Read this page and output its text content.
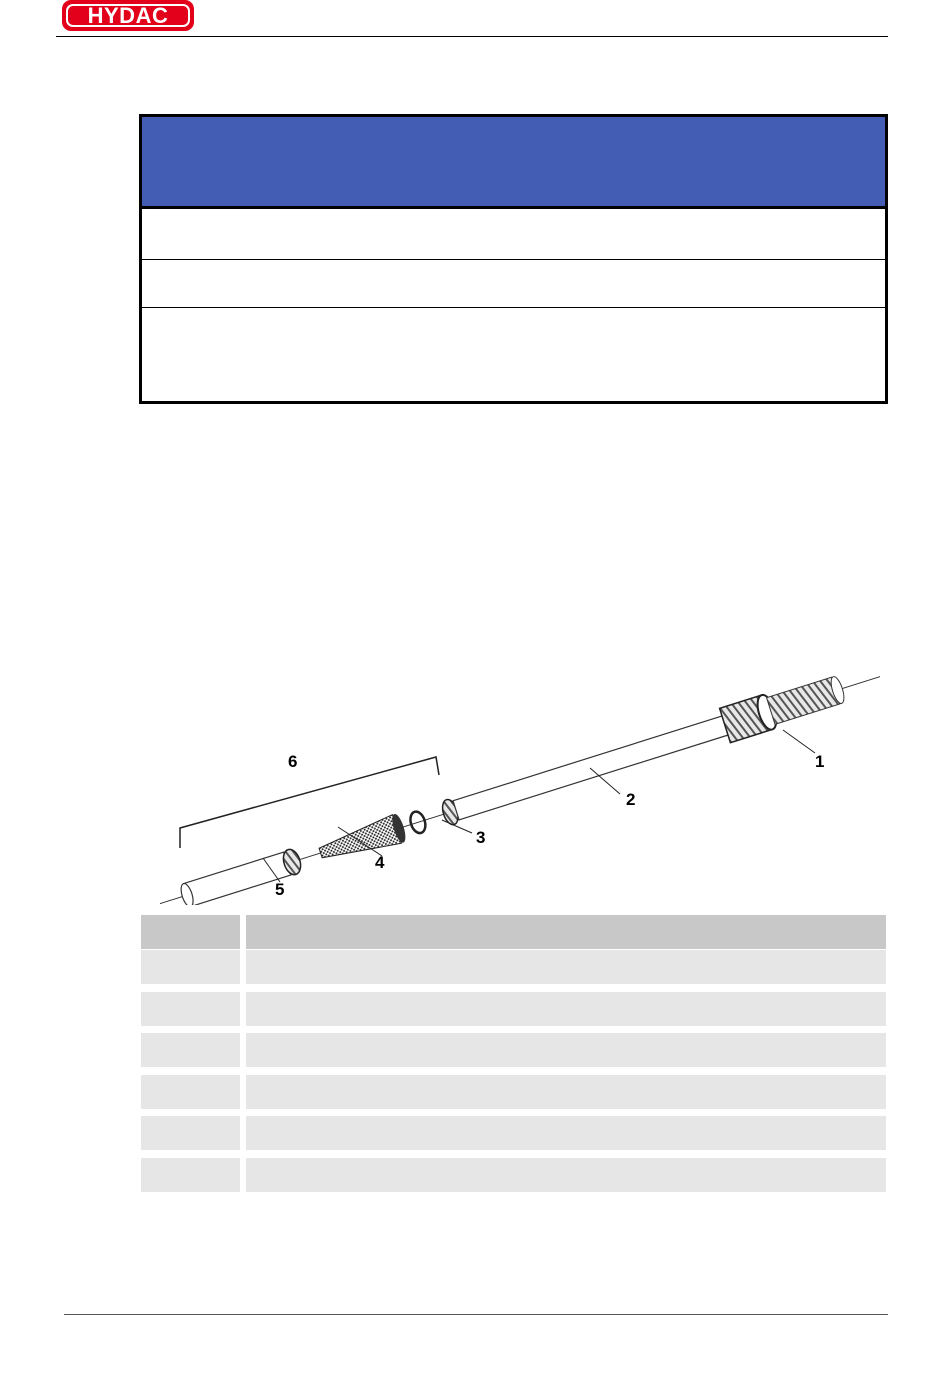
HYDAC
1
2
3
4
5
6
